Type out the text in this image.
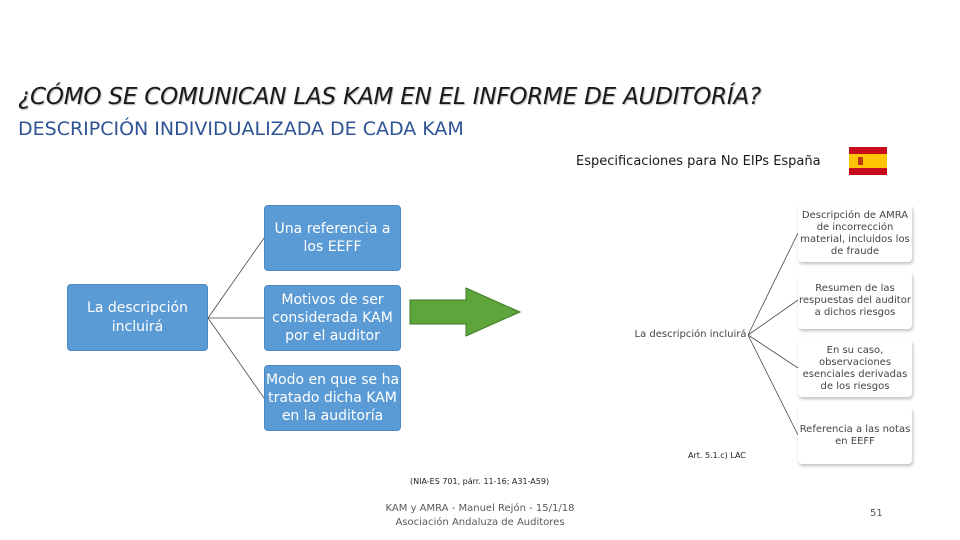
¿CÓMO SE COMUNICAN LAS KAM EN EL INFORME DE AUDITORÍA?
DESCRIPCIÓN INDIVIDUALIZADA DE CADA KAM
Especificaciones para No EIPs España
La descripción incluirá
Una referencia a los EEFF
Motivos de ser considerada KAM por el auditor
Modo en que se ha tratado dicha KAM en la auditoría
La descripción incluirá
Descripción de AMRA de incorrección material, incluidos los de fraude
Resumen de las respuestas del auditor a dichos riesgos
En su caso, observaciones esenciales derivadas de los riesgos
Referencia a las notas en EEFF
Art. 5.1.c) LAC
(NIA-ES 701, párr. 11-16; A31-A59)
KAM y AMRA - Manuel Rejón - 15/1/18
Asociación Andaluza de Auditores
51
